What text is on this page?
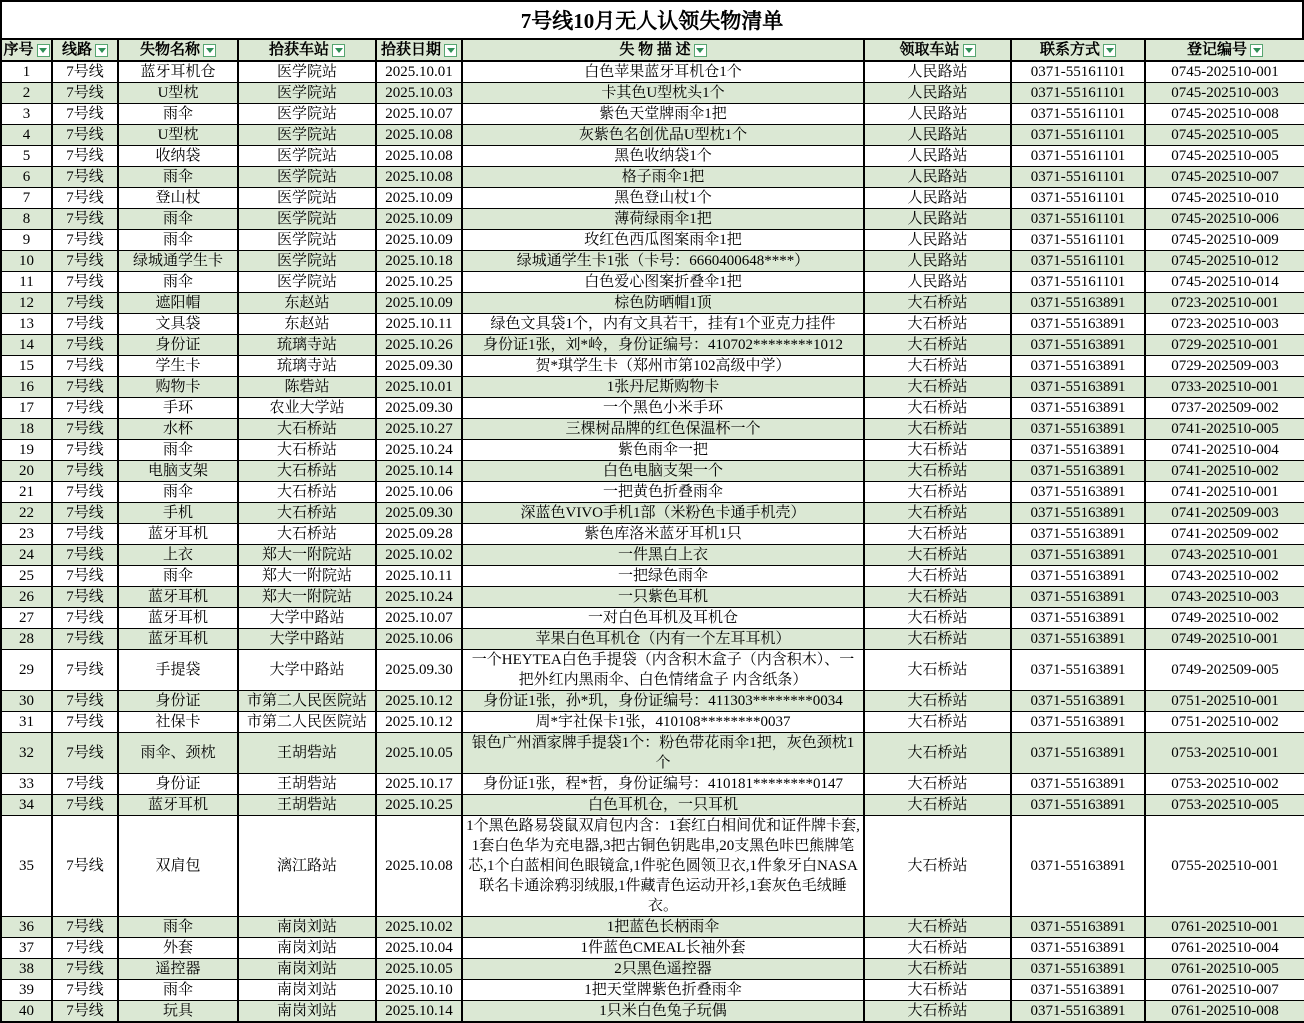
7号线10月无人认领失物清单
序号	线路	失物名称	拾获车站	拾获日期	失 物 描 述	领取车站	联系方式	登记编号

1	7号线	蓝牙耳机仓	医学院站	2025.10.01	白色苹果蓝牙耳机仓1个	人民路站	0371-55161101	0745-202510-001
2	7号线	U型枕	医学院站	2025.10.03	卡其色U型枕头1个	人民路站	0371-55161101	0745-202510-003
3	7号线	雨伞	医学院站	2025.10.07	紫色天堂牌雨伞1把	人民路站	0371-55161101	0745-202510-008
4	7号线	U型枕	医学院站	2025.10.08	灰紫色名创优品U型枕1个	人民路站	0371-55161101	0745-202510-005
5	7号线	收纳袋	医学院站	2025.10.08	黑色收纳袋1个	人民路站	0371-55161101	0745-202510-005
6	7号线	雨伞	医学院站	2025.10.08	格子雨伞1把	人民路站	0371-55161101	0745-202510-007
7	7号线	登山杖	医学院站	2025.10.09	黑色登山杖1个	人民路站	0371-55161101	0745-202510-010
8	7号线	雨伞	医学院站	2025.10.09	薄荷绿雨伞1把	人民路站	0371-55161101	0745-202510-006
9	7号线	雨伞	医学院站	2025.10.09	玫红色西瓜图案雨伞1把	人民路站	0371-55161101	0745-202510-009
10	7号线	绿城通学生卡	医学院站	2025.10.18	绿城通学生卡1张（卡号：6660400648****）	人民路站	0371-55161101	0745-202510-012
11	7号线	雨伞	医学院站	2025.10.25	白色爱心图案折叠伞1把	人民路站	0371-55161101	0745-202510-014
12	7号线	遮阳帽	东赵站	2025.10.09	棕色防晒帽1顶	大石桥站	0371-55163891	0723-202510-001
13	7号线	文具袋	东赵站	2025.10.11	绿色文具袋1个，内有文具若干，挂有1个亚克力挂件	大石桥站	0371-55163891	0723-202510-003
14	7号线	身份证	琉璃寺站	2025.10.26	身份证1张，刘*岭，身份证编号：410702********1012	大石桥站	0371-55163891	0729-202510-001
15	7号线	学生卡	琉璃寺站	2025.09.30	贺*琪学生卡（郑州市第102高级中学）	大石桥站	0371-55163891	0729-202509-003
16	7号线	购物卡	陈砦站	2025.10.01	1张丹尼斯购物卡	大石桥站	0371-55163891	0733-202510-001
17	7号线	手环	农业大学站	2025.09.30	一个黑色小米手环	大石桥站	0371-55163891	0737-202509-002
18	7号线	水杯	大石桥站	2025.10.27	三棵树品牌的红色保温杯一个	大石桥站	0371-55163891	0741-202510-005
19	7号线	雨伞	大石桥站	2025.10.24	紫色雨伞一把	大石桥站	0371-55163891	0741-202510-004
20	7号线	电脑支架	大石桥站	2025.10.14	白色电脑支架一个	大石桥站	0371-55163891	0741-202510-002
21	7号线	雨伞	大石桥站	2025.10.06	一把黄色折叠雨伞	大石桥站	0371-55163891	0741-202510-001
22	7号线	手机	大石桥站	2025.09.30	深蓝色VIVO手机1部（米粉色卡通手机壳）	大石桥站	0371-55163891	0741-202509-003
23	7号线	蓝牙耳机	大石桥站	2025.09.28	紫色库洛米蓝牙耳机1只	大石桥站	0371-55163891	0741-202509-002
24	7号线	上衣	郑大一附院站	2025.10.02	一件黑白上衣	大石桥站	0371-55163891	0743-202510-001
25	7号线	雨伞	郑大一附院站	2025.10.11	一把绿色雨伞	大石桥站	0371-55163891	0743-202510-002
26	7号线	蓝牙耳机	郑大一附院站	2025.10.24	一只紫色耳机	大石桥站	0371-55163891	0743-202510-003
27	7号线	蓝牙耳机	大学中路站	2025.10.07	一对白色耳机及耳机仓	大石桥站	0371-55163891	0749-202510-002
28	7号线	蓝牙耳机	大学中路站	2025.10.06	苹果白色耳机仓（内有一个左耳耳机）	大石桥站	0371-55163891	0749-202510-001
29	7号线	手提袋	大学中路站	2025.09.30	一个HEYTEA白色手提袋（内含积木盒子（内含积木）、一把外红内黑雨伞、白色情绪盒子 内含纸条）	大石桥站	0371-55163891	0749-202509-005
30	7号线	身份证	市第二人民医院站	2025.10.12	身份证1张，孙*玑，身份证编号：411303********0034	大石桥站	0371-55163891	0751-202510-001
31	7号线	社保卡	市第二人民医院站	2025.10.12	周*宇社保卡1张，410108********0037	大石桥站	0371-55163891	0751-202510-002
32	7号线	雨伞、颈枕	王胡砦站	2025.10.05	银色广州酒家牌手提袋1个：粉色带花雨伞1把，灰色颈枕1个	大石桥站	0371-55163891	0753-202510-001
33	7号线	身份证	王胡砦站	2025.10.17	身份证1张，程*哲，身份证编号：410181********0147	大石桥站	0371-55163891	0753-202510-002
34	7号线	蓝牙耳机	王胡砦站	2025.10.25	白色耳机仓，一只耳机	大石桥站	0371-55163891	0753-202510-005
35	7号线	双肩包	漓江路站	2025.10.08	1个黑色路易袋鼠双肩包内含：1套红白相间优和证件牌卡套,1套白色华为充电器,3把古铜色钥匙串,20支黑色咔巴熊牌笔芯,1个白蓝相间色眼镜盒,1件驼色圆领卫衣,1件象牙白NASA联名卡通涂鸦羽绒服,1件藏青色运动开衫,1套灰色毛绒睡衣。	大石桥站	0371-55163891	0755-202510-001
36	7号线	雨伞	南岗刘站	2025.10.02	1把蓝色长柄雨伞	大石桥站	0371-55163891	0761-202510-001
37	7号线	外套	南岗刘站	2025.10.04	1件蓝色CMEAL长袖外套	大石桥站	0371-55163891	0761-202510-004
38	7号线	遥控器	南岗刘站	2025.10.05	2只黑色遥控器	大石桥站	0371-55163891	0761-202510-005
39	7号线	雨伞	南岗刘站	2025.10.10	1把天堂牌紫色折叠雨伞	大石桥站	0371-55163891	0761-202510-007
40	7号线	玩具	南岗刘站	2025.10.14	1只米白色兔子玩偶	大石桥站	0371-55163891	0761-202510-008
